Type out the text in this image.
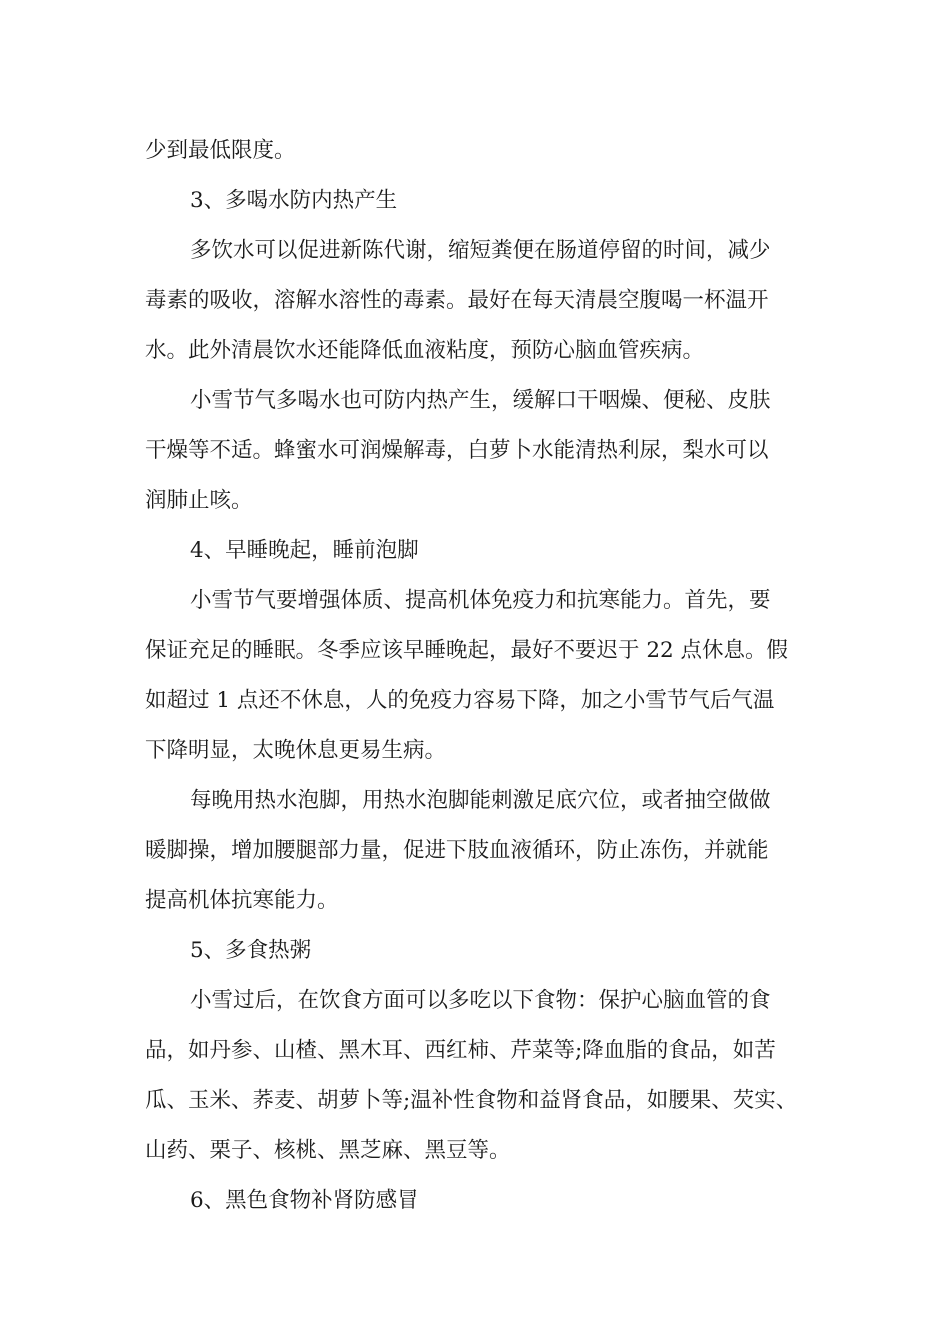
少到最低限度。
3、多喝水防内热产生
多饮水可以促进新陈代谢，缩短粪便在肠道停留的时间，减少
毒素的吸收，溶解水溶性的毒素。最好在每天清晨空腹喝一杯温开
水。此外清晨饮水还能降低血液粘度，预防心脑血管疾病。
小雪节气多喝水也可防内热产生，缓解口干咽燥、便秘、皮肤
干燥等不适。蜂蜜水可润燥解毒，白萝卜水能清热利尿，梨水可以
润肺止咳。
4、早睡晚起，睡前泡脚
小雪节气要增强体质、提高机体免疫力和抗寒能力。首先，要
保证充足的睡眠。冬季应该早睡晚起，最好不要迟于 22 点休息。假
如超过 1 点还不休息，人的免疫力容易下降，加之小雪节气后气温
下降明显，太晚休息更易生病。
每晚用热水泡脚，用热水泡脚能刺激足底穴位，或者抽空做做
暖脚操，增加腰腿部力量，促进下肢血液循环，防止冻伤，并就能
提高机体抗寒能力。
5、多食热粥
小雪过后，在饮食方面可以多吃以下食物：保护心脑血管的食
品，如丹参、山楂、黑木耳、西红柿、芹菜等;降血脂的食品，如苦
瓜、玉米、荞麦、胡萝卜等;温补性食物和益肾食品，如腰果、芡实、
山药、栗子、核桃、黑芝麻、黑豆等。
6、黑色食物补肾防感冒
